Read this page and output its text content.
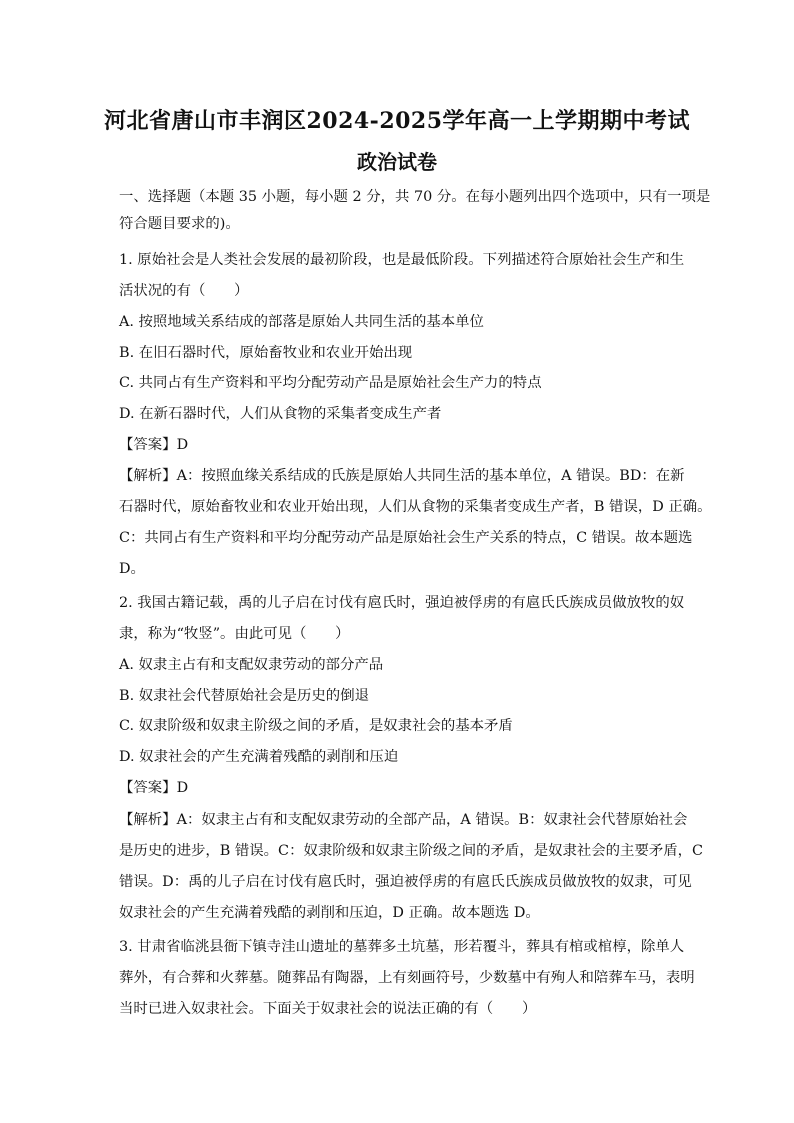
河北省唐山市丰润区2024-2025学年高一上学期期中考试
政治试卷
一、选择题（本题 35 小题，每小题 2 分，共 70 分。在每小题列出四个选项中，只有一项是
符合题目要求的)。
1. 原始社会是人类社会发展的最初阶段，也是最低阶段。下列描述符合原始社会生产和生
活状况的有（　　）
A. 按照地域关系结成的部落是原始人共同生活的基本单位
B. 在旧石器时代，原始畜牧业和农业开始出现
C. 共同占有生产资料和平均分配劳动产品是原始社会生产力的特点
D. 在新石器时代，人们从食物的采集者变成生产者
【答案】D
【解析】A：按照血缘关系结成的氏族是原始人共同生活的基本单位，A 错误。BD：在新
石器时代，原始畜牧业和农业开始出现，人们从食物的采集者变成生产者，B 错误，D 正确。
C：共同占有生产资料和平均分配劳动产品是原始社会生产关系的特点，C 错误。故本题选
D。
2. 我国古籍记载，禹的儿子启在讨伐有扈氏时，强迫被俘虏的有扈氏氏族成员做放牧的奴
隶，称为“牧竖”。由此可见（　　）
A. 奴隶主占有和支配奴隶劳动的部分产品
B. 奴隶社会代替原始社会是历史的倒退
C. 奴隶阶级和奴隶主阶级之间的矛盾，是奴隶社会的基本矛盾
D. 奴隶社会的产生充满着残酷的剥削和压迫
【答案】D
【解析】A：奴隶主占有和支配奴隶劳动的全部产品，A 错误。B：奴隶社会代替原始社会
是历史的进步，B 错误。C：奴隶阶级和奴隶主阶级之间的矛盾，是奴隶社会的主要矛盾，C
错误。D：禹的儿子启在讨伐有扈氏时，强迫被俘虏的有扈氏氏族成员做放牧的奴隶，可见
奴隶社会的产生充满着残酷的剥削和压迫，D 正确。故本题选 D。
3. 甘肃省临洮县衙下镇寺洼山遗址的墓葬多土坑墓，形若覆斗，葬具有棺或棺椁，除单人
葬外，有合葬和火葬墓。随葬品有陶器，上有刻画符号，少数墓中有殉人和陪葬车马，表明
当时已进入奴隶社会。下面关于奴隶社会的说法正确的有（　　）
